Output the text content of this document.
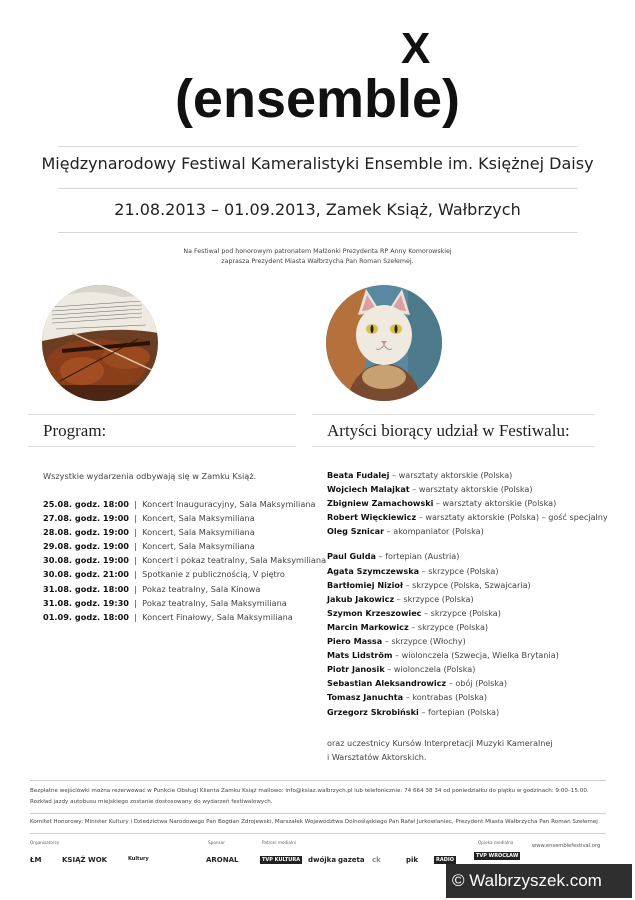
X
(ensemble)
Międzynarodowy Festiwal Kameralistyki Ensemble im. Księżnej Daisy
21.08.2013 – 01.09.2013, Zamek Książ, Wałbrzych
Na Festiwal pod honorowym patronatem Małżonki Prezydenta RP Anny Komorowskiej
zaprasza Prezydent Miasta Wałbrzycha Pan Roman Szełemej.
Program:	Artyści biorący udział w Festiwalu:
Wszystkie wydarzenia odbywają się w Zamku Książ.
25.08. godz. 18:00  |  Koncert Inauguracyjny, Sala Maksymiliana
27.08. godz. 19:00  |  Koncert, Sala Maksymiliana
28.08. godz. 19:00  |  Koncert, Sala Maksymiliana
29.08. godz. 19:00  |  Koncert, Sala Maksymiliana
30.08. godz. 19:00  |  Koncert i pokaz teatralny, Sala Maksymiliana
30.08. godz. 21:00  |  Spotkanie z publicznością, V piętro
31.08. godz. 18:00  |  Pokaz teatralny, Sala Kinowa
31.08. godz. 19:30  |  Pokaz teatralny, Sala Maksymiliana
01.09. godz. 18:00  |  Koncert Finałowy, Sala Maksymiliana
Beata Fudalej – warsztaty aktorskie (Polska)
Wojciech Malajkat – warsztaty aktorskie (Polska)
Zbigniew Zamachowski – warsztaty aktorskie (Polska)
Robert Więckiewicz – warsztaty aktorskie (Polska) – gość specjalny
Oleg Sznicar – akompaniator (Polska)
Paul Gulda – fortepian (Austria)
Agata Szymczewska – skrzypce (Polska)
Bartłomiej Nizioł – skrzypce (Polska, Szwajcaria)
Jakub Jakowicz – skrzypce (Polska)
Szymon Krzeszowiec – skrzypce (Polska)
Marcin Markowicz – skrzypce (Polska)
Piero Massa – skrzypce (Włochy)
Mats Lidström – wiolonczela (Szwecja, Wielka Brytania)
Piotr Janosik – wiolonczela (Polska)
Sebastian Aleksandrowicz – obój (Polska)
Tomasz Januchta – kontrabas (Polska)
Grzegorz Skrobiński – fortepian (Polska)
oraz uczestnicy Kursów Interpretacji Muzyki Kameralnej
i Warsztatów Aktorskich.
Bezpłatne wejściówki można rezerwować w Punkcie Obsługi Klienta Zamku Książ mailowo: info@ksiaz.walbrzych.pl lub telefonicznie: 74 664 38 34 od poniedziałku do piątku w godzinach: 9:00–15:00.
Rozkład jazdy autobusu miejskiego zostanie dostosowany do wydarzeń festiwalowych.
Komitet Honorowy: Minister Kultury i Dziedzictwa Narodowego Pan Bogdan Zdrojewski, Marszałek Województwa Dolnośląskiego Pan Rafał Jurkowlaniec, Prezydent Miasta Wałbrzycha Pan Roman Szełemej
Organizatorzy	Sponsor	Patroni medialni	Opieka medialna
www.ensemblefestival.org
ŁM	KSIĄŻ WOK	Kultury	ARONAL	TVP KULTURA dwójka gazeta ck	pik	RADIO
TVP WROCŁAW
© Walbrzyszek.com
